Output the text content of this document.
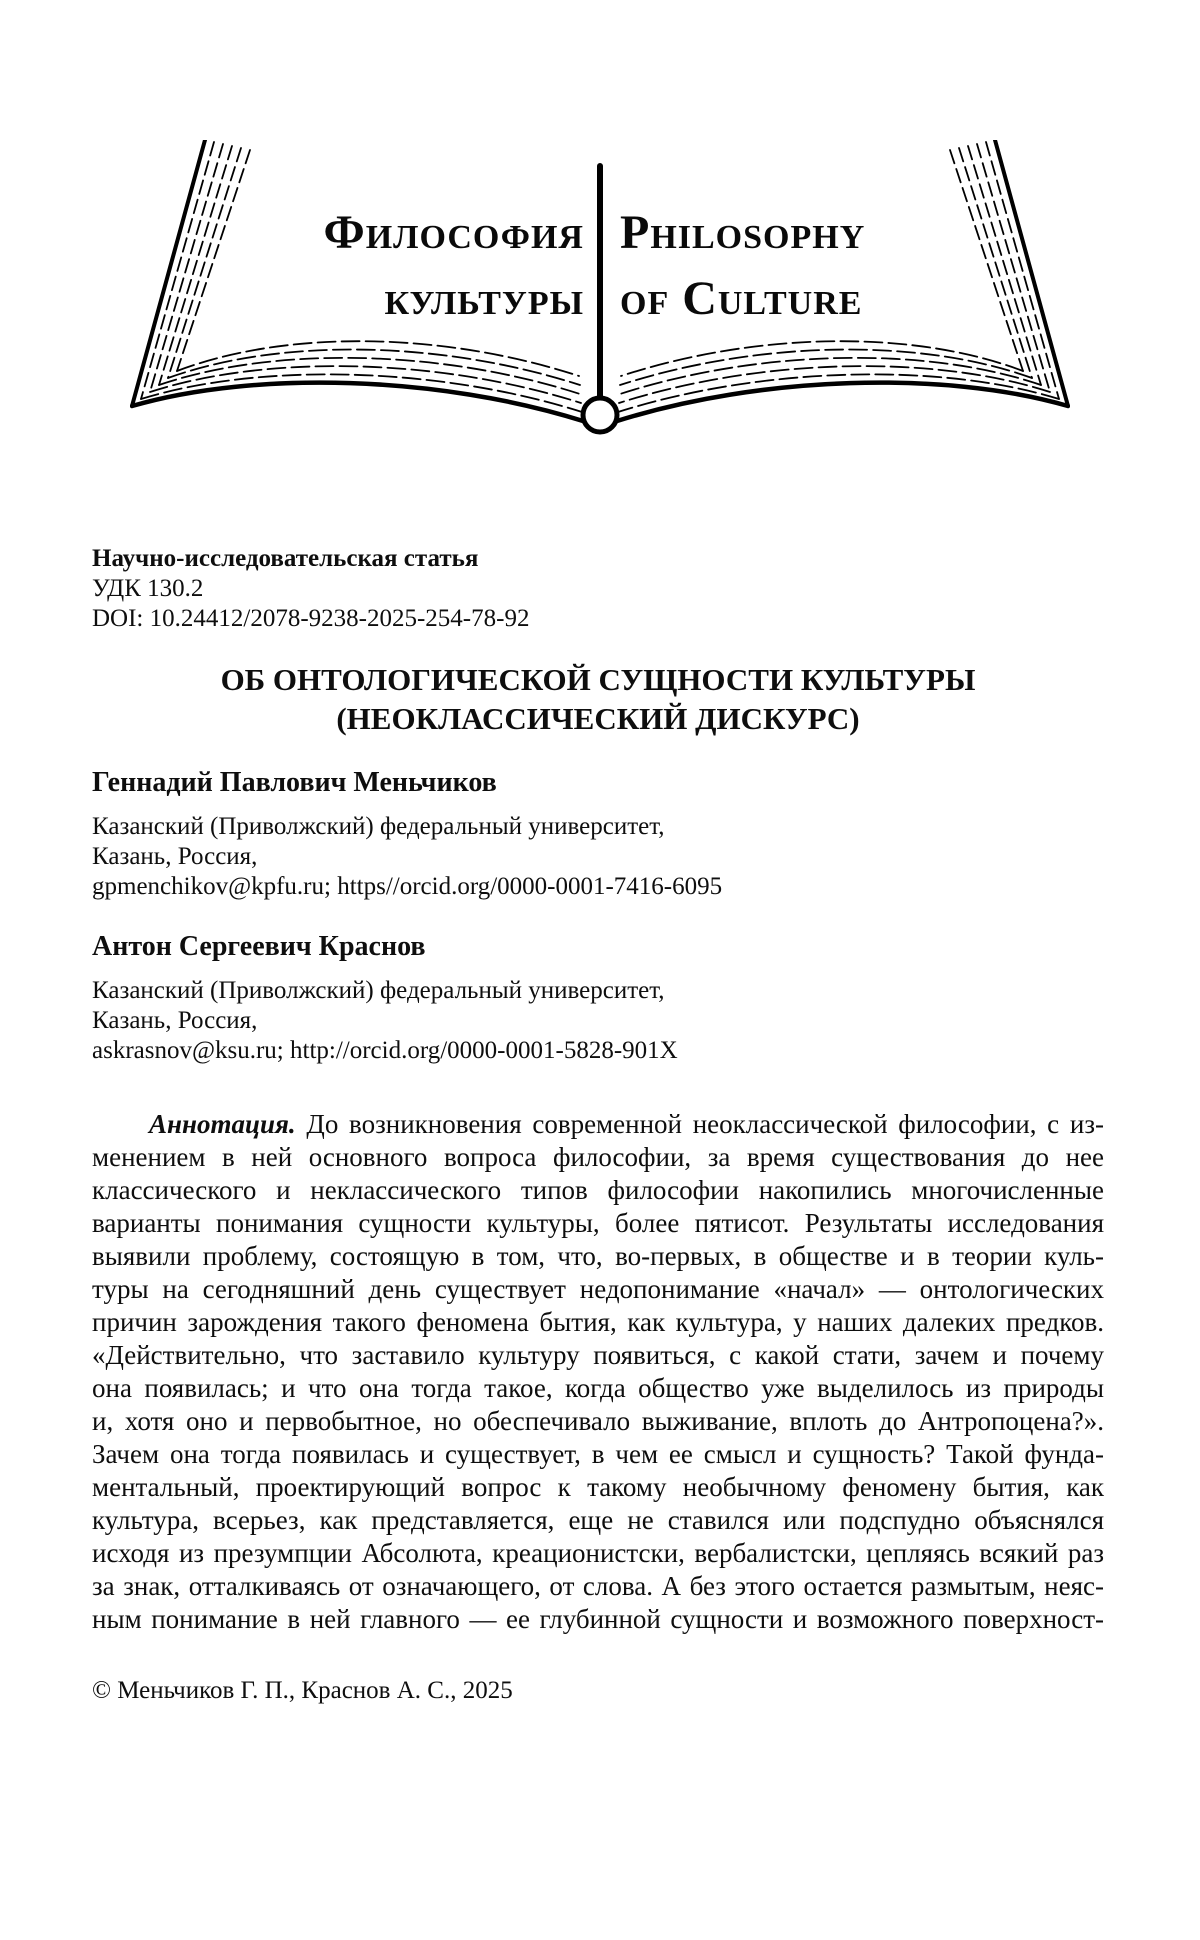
Философия
культуры
Philosophy
of Culture

Научно-исследовательская статья

УДК 130.2

DOI: 10.24412/2078-9238-2025-254-78-92

ОБ ОНТОЛОГИЧЕСКОЙ СУЩНОСТИ КУЛЬТУРЫ
(НЕОКЛАССИЧЕСКИЙ ДИСКУРС)
Геннадий Павлович Меньчиков
Казанский (Приволжский) федеральный университет,
Казань, Россия,
gpmenchikov@kpfu.ru; https//orcid.org/0000-0001-7416-6095
Антон Сергеевич Краснов
Казанский (Приволжский) федеральный университет,
Казань, Россия,
askrasnov@ksu.ru; http://orcid.org/0000-0001-5828-901X
Аннотация. До возникновения современной неоклассической философии, с из-
менением в ней основного вопроса философии, за время существования до нее
классического и неклассического типов философии накопились многочисленные
варианты понимания сущности культуры, более пятисот. Результаты исследования
выявили проблему, состоящую в том, что, во-первых, в обществе и в теории куль-
туры на сегодняшний день существует недопонимание «начал» — онтологических
причин зарождения такого феномена бытия, как культура, у наших далеких предков.
«Действительно, что заставило культуру появиться, с какой стати, зачем и почему
она появилась; и что она тогда такое, когда общество уже выделилось из природы
и, хотя оно и первобытное, но обеспечивало выживание, вплоть до Антропоцена?».
Зачем она тогда появилась и существует, в чем ее смысл и сущность? Такой фунда-
ментальный, проектирующий вопрос к такому необычному феномену бытия, как
культура, всерьез, как представляется, еще не ставился или подспудно объяснялся
исходя из презумпции Абсолюта, креационистски, вербалистски, цепляясь всякий раз
за знак, отталкиваясь от означающего, от слова. А без этого остается размытым, неяс-
ным понимание в ней главного — ее глубинной сущности и возможного поверхност-

© Меньчиков Г. П., Краснов А. С., 2025
